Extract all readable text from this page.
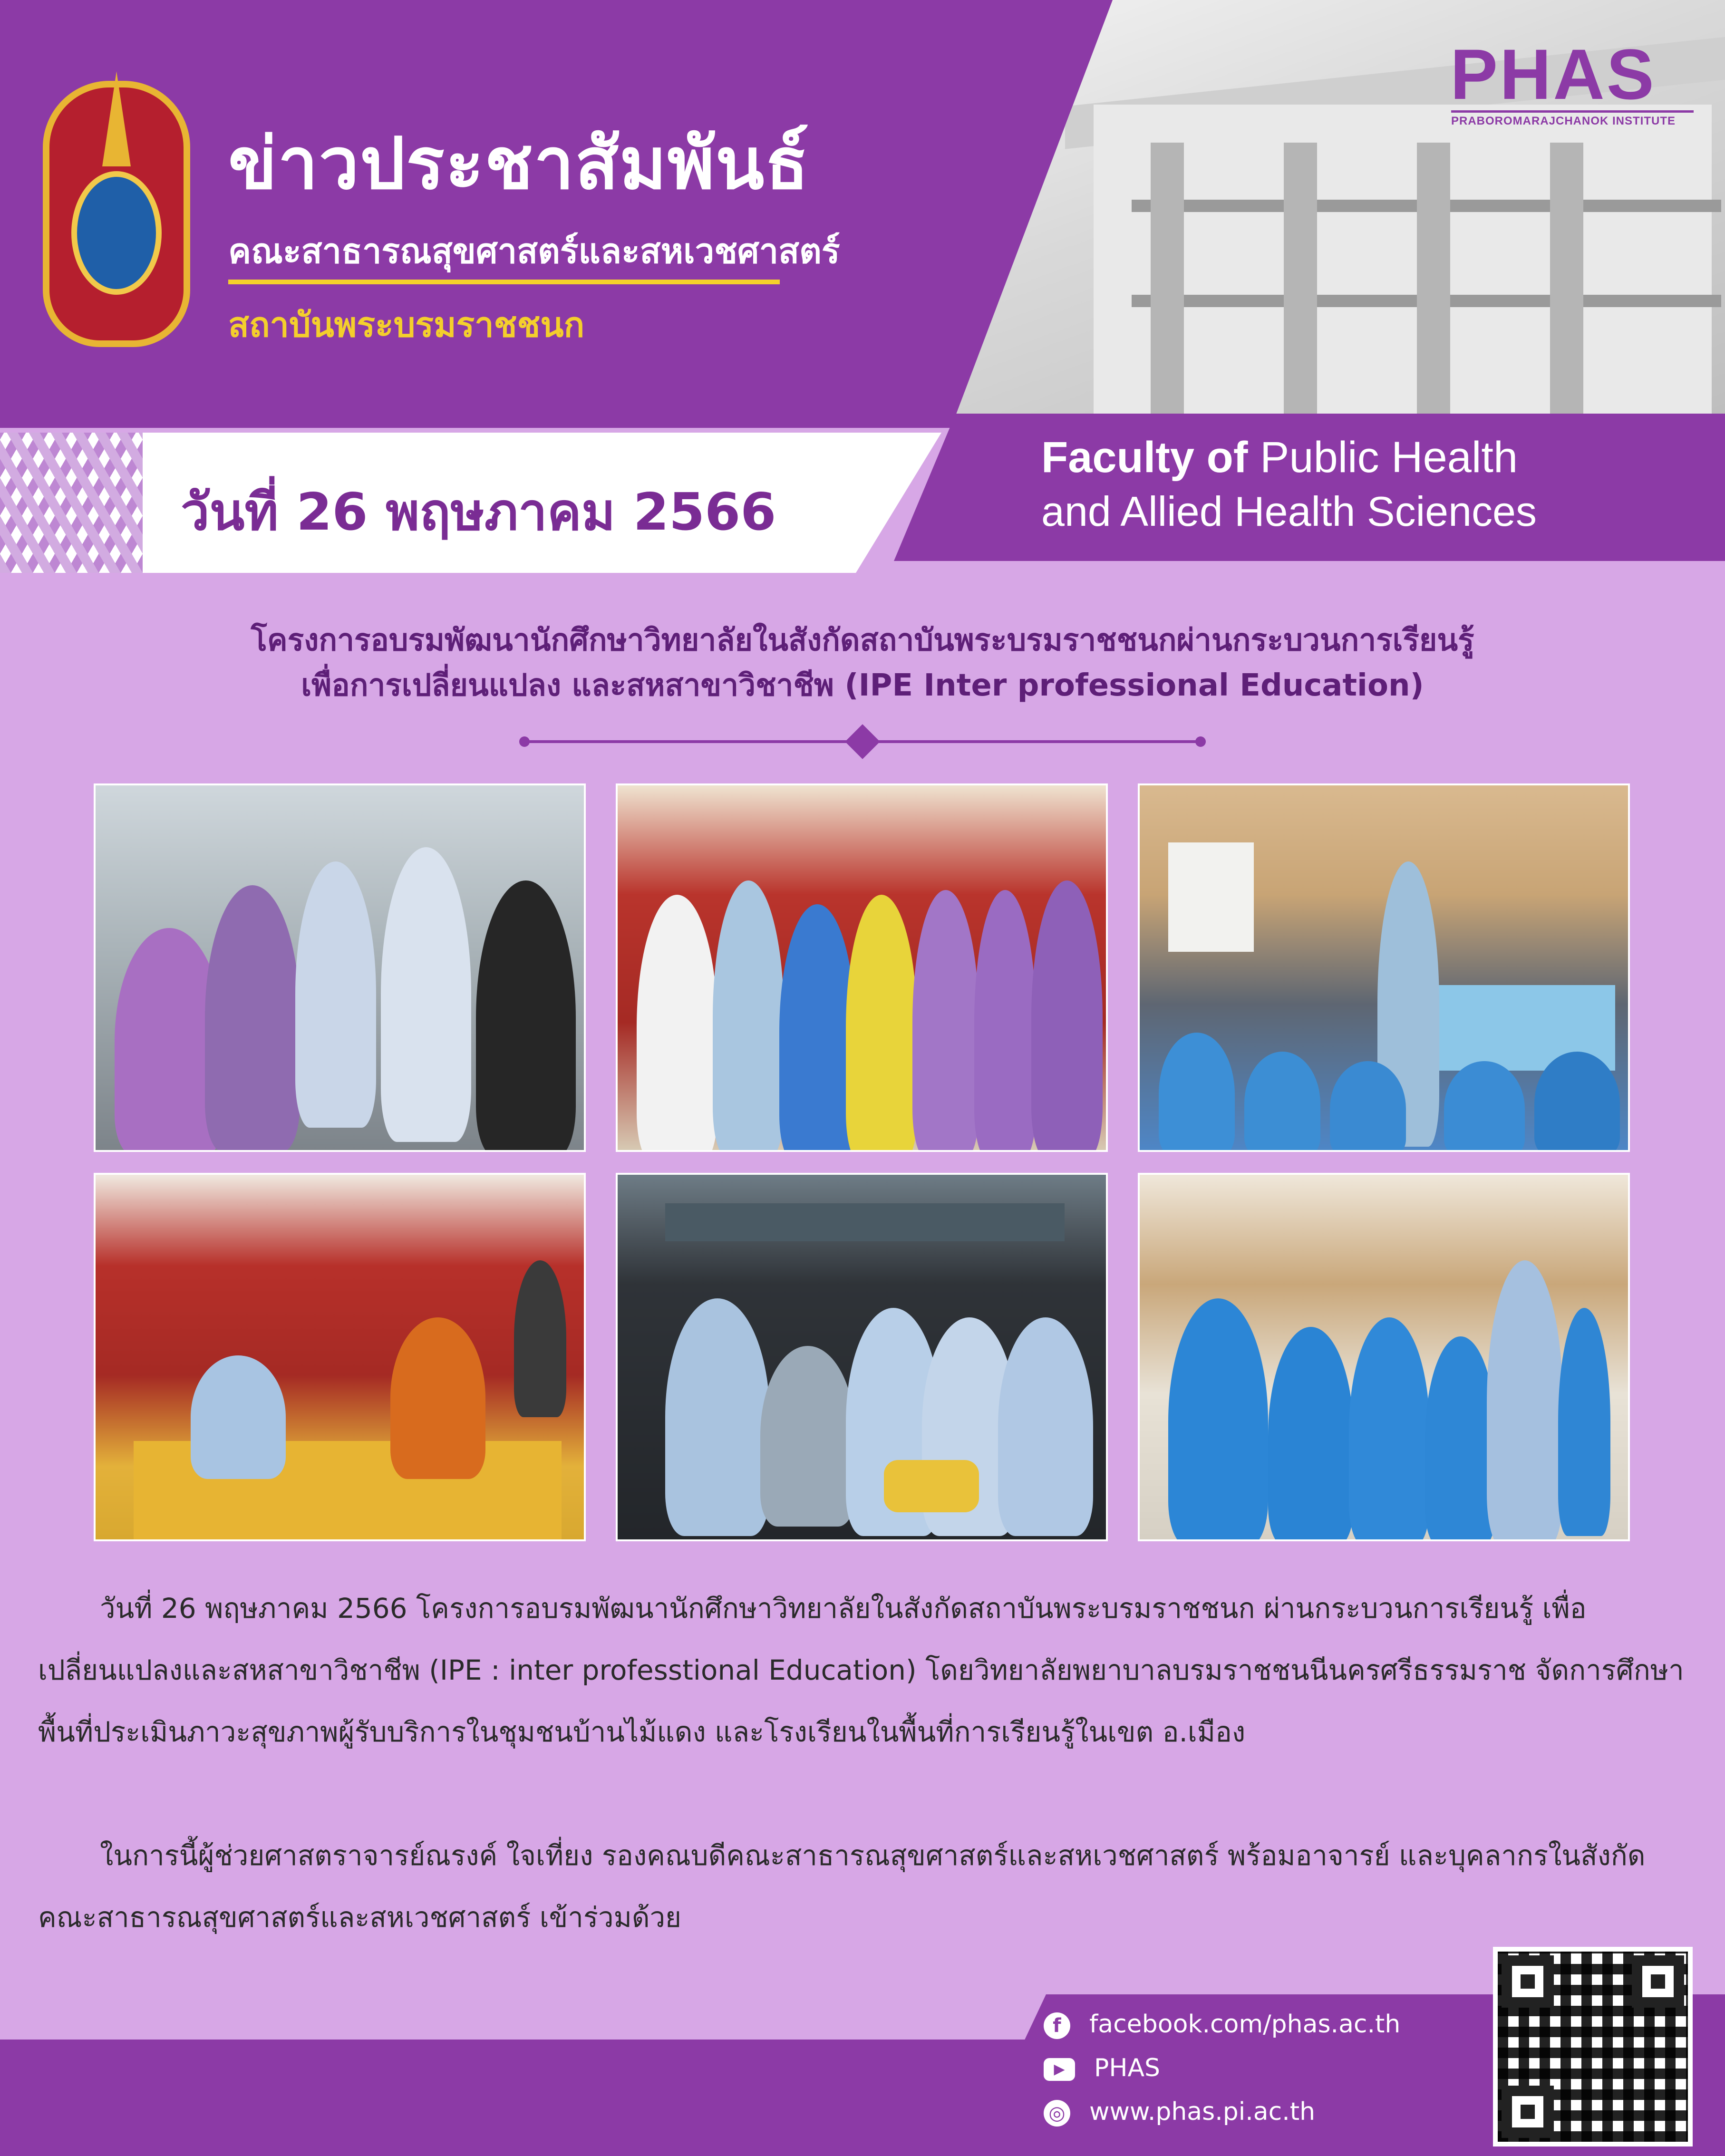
ข่าวประชาสัมพันธ์
คณะสาธารณสุขศาสตร์และสหเวชศาสตร์
สถาบันพระบรมราชชนก
PHAS
PRABOROMARAJCHANOK INSTITUTE
วันที่ 26 พฤษภาคม 2566
Faculty of Public Health
and Allied Health Sciences
โครงการอบรมพัฒนานักศึกษาวิทยาลัยในสังกัดสถาบันพระบรมราชชนกผ่านกระบวนการเรียนรู้
เพื่อการเปลี่ยนแปลง และสหสาขาวิชาชีพ (IPE Inter professional Education)
วันที่ 26 พฤษภาคม 2566 โครงการอบรมพัฒนานักศึกษาวิทยาลัยในสังกัดสถาบันพระบรมราชชนก ผ่านกระบวนการเรียนรู้ เพื่อเปลี่ยนแปลงและสหสาขาวิชาชีพ (IPE : inter professtional Education) โดยวิทยาลัยพยาบาลบรมราชชนนีนครศรีธรรมราช จัดการศึกษาพื้นที่ประเมินภาวะสุขภาพผู้รับบริการในชุมชนบ้านไม้แดง และโรงเรียนในพื้นที่การเรียนรู้ในเขต อ.เมือง
ในการนี้ผู้ช่วยศาสตราจารย์ณรงค์ ใจเที่ยง รองคณบดีคณะสาธารณสุขศาสตร์และสหเวชศาสตร์ พร้อมอาจารย์ และบุคลากรในสังกัดคณะสาธารณสุขศาสตร์และสหเวชศาสตร์ เข้าร่วมด้วย
f facebook.com/phas.ac.th
▶ PHAS
◎ www.phas.pi.ac.th
